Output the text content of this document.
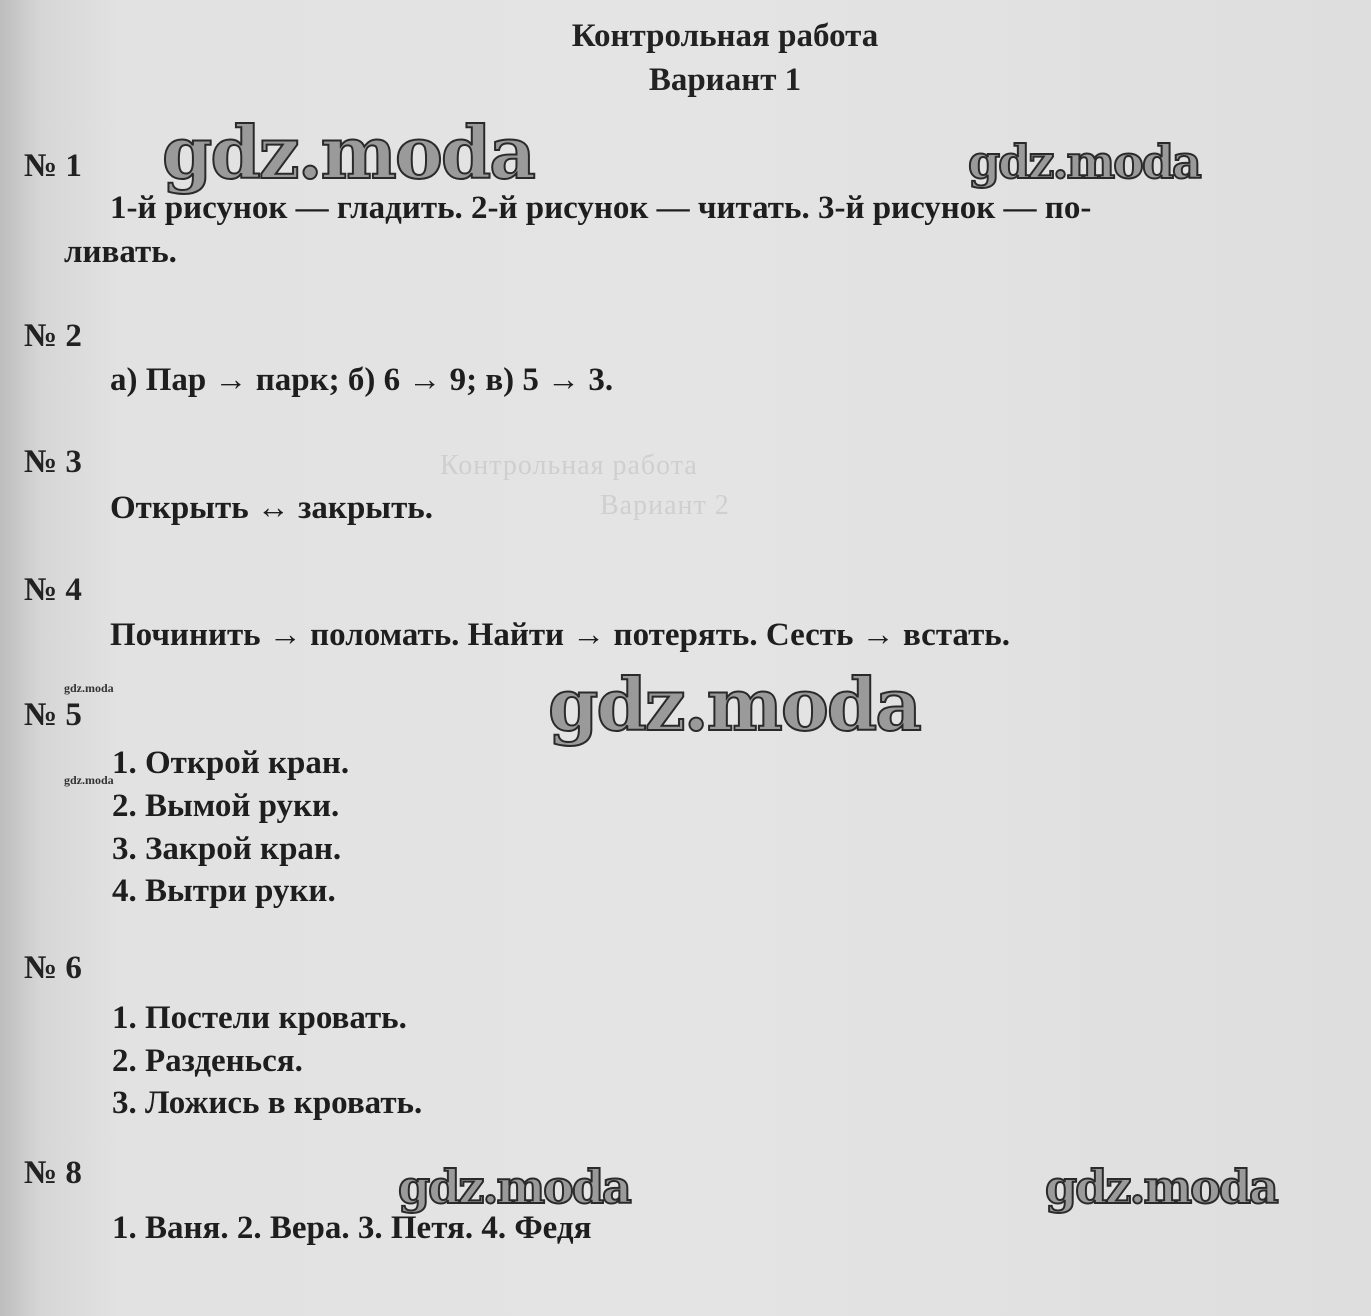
Контрольная работа
Вариант 2
Контрольная работа
Вариант 1
№ 1
1-й рисунок — гладить. 2-й рисунок — читать. 3-й рисунок — по-
ливать.
№ 2
а) Пар → парк; б) 6 → 9; в) 5 → 3.
№ 3
Открыть ↔ закрыть.
№ 4
Починить → поломать. Найти → потерять. Сесть → встать.
№ 5
1. Открой кран.
2. Вымой руки.
3. Закрой кран.
4. Вытри руки.
№ 6
1. Постели кровать.
2. Разденься.
3. Ложись в кровать.
№ 8
1. Ваня. 2. Вера. 3. Петя. 4. Федя
gdz.moda	gdz.moda
gdz.moda
gdz.moda	gdz.moda
gdz.moda
gdz.moda
